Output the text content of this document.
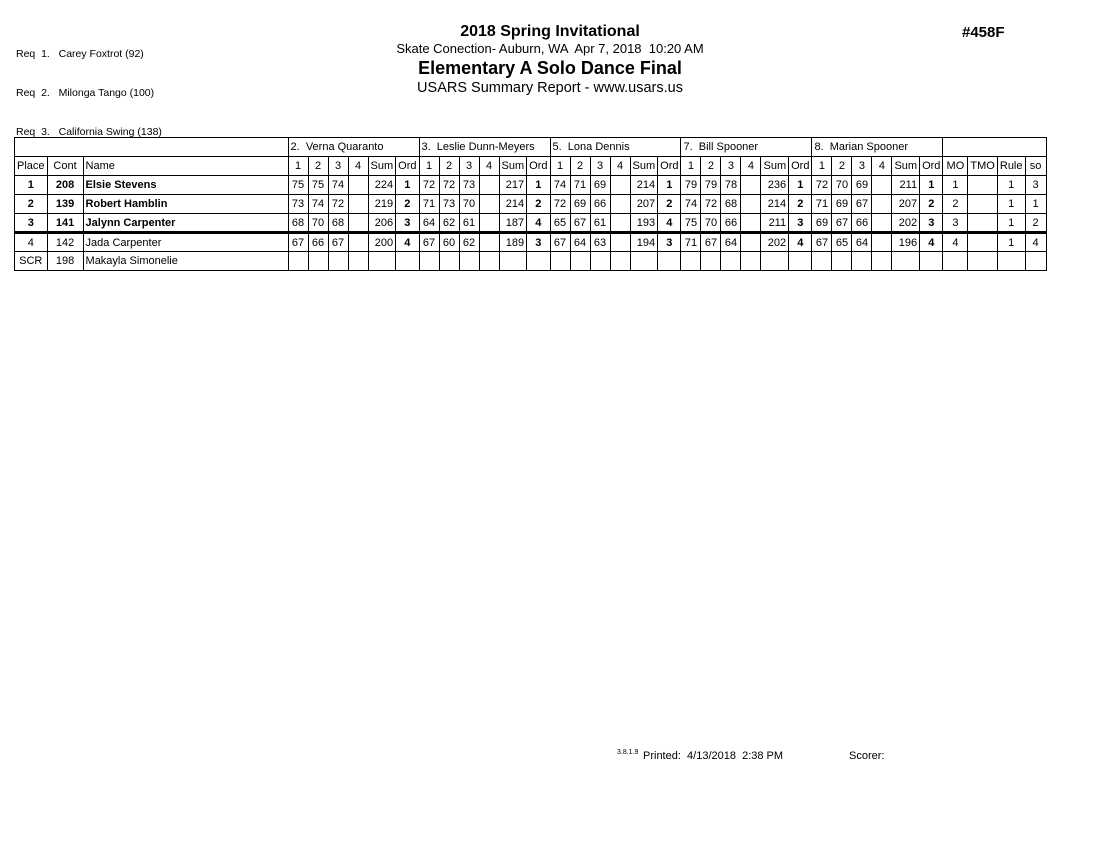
Req  1.   Carey Foxtrot (92)

Req  2.   Milonga Tango (100)

Req  3.   California Swing (138)

2018 Spring Invitational
Skate Conection- Auburn, WA  Apr 7, 2018  10:20 AM
Elementary A Solo Dance Final
USARS Summary Report - www.usars.us
#458F
			2.  Verna Quaranto						3.  Leslie Dunn-Meyers						5.  Lona Dennis						7.  Bill Spooner						8.  Marian Spooner									
Place	Cont	Name	1	2	3	4	Sum	Ord	1	2	3	4	Sum	Ord	1	2	3	4	Sum	Ord	1	2	3	4	Sum	Ord	1	2	3	4	Sum	Ord	MO	TMO	Rule	so
1	208	Elsie Stevens	75	75	74		224	1	72	72	73		217	1	74	71	69		214	1	79	79	78		236	1	72	70	69		211	1	1		1	3
2	139	Robert Hamblin	73	74	72		219	2	71	73	70		214	2	72	69	66		207	2	74	72	68		214	2	71	69	67		207	2	2		1	1
3	141	Jalynn Carpenter	68	70	68		206	3	64	62	61		187	4	65	67	61		193	4	75	70	66		211	3	69	67	66		202	3	3		1	2
4	142	Jada Carpenter	67	66	67		200	4	67	60	62		189	3	67	64	63		194	3	71	67	64		202	4	67	65	64		196	4	4		1	4
SCR	198	Makayla Simonelie																																		
3.8.1.9 Printed: 4/13/2018  2:38 PM	Scorer:
